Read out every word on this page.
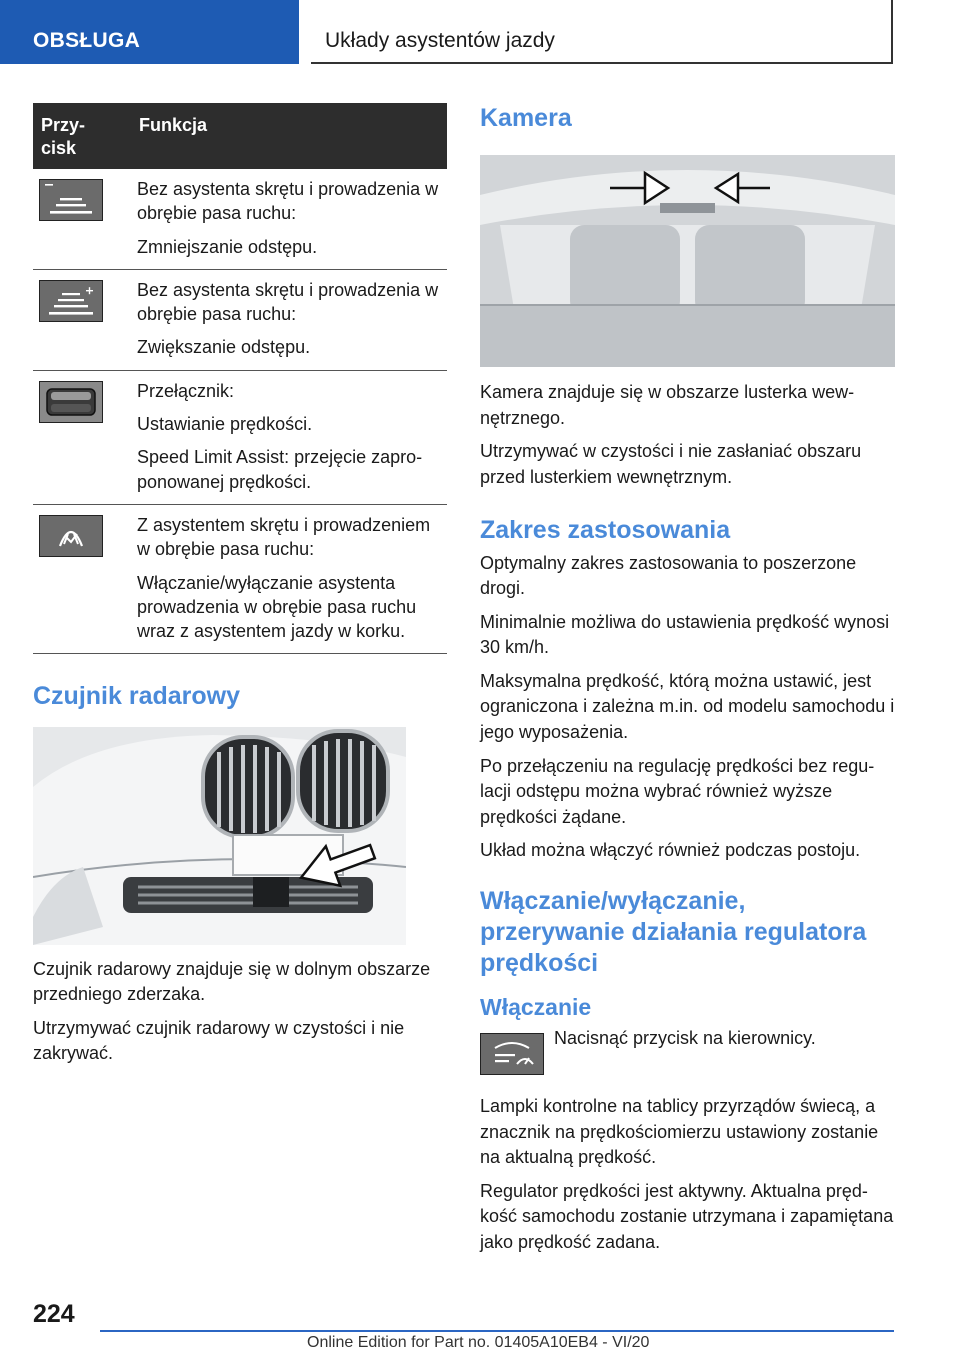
OBSŁUGA	Układy asystentów jazdy
Przy-
cisk	Funkcja

Bez asystenta skrętu i prowadzenia w obrębie pasa ruchu:

Zmniejszanie odstępu.

Bez asystenta skrętu i prowadzenia w obrębie pasa ruchu:

Zwiększanie odstępu.

Przełącznik:

Ustawianie prędkości.

Speed Limit Assist: przejęcie zaproponowanej prędkości.

Z asystentem skrętu i prowadzeniem w obrębie pasa ruchu:

Włączanie/wyłączanie asystenta prowadzenia w obrębie pasa ruchu wraz z asystentem jazdy w korku.

Czujnik radarowy

Czujnik radarowy znajduje się w dolnym obszarze przedniego zderzaka.

Utrzymywać czujnik radarowy w czystości i nie zakrywać.

Kamera

Kamera znajduje się w obszarze lusterka wewnętrznego.

Utrzymywać w czystości i nie zasłaniać obszaru przed lusterkiem wewnętrznym.

Zakres zastosowania

Optymalny zakres zastosowania to poszerzone drogi.

Minimalnie możliwa do ustawienia prędkość wynosi 30 km/h.

Maksymalna prędkość, którą można ustawić, jest ograniczona i zależna m.in. od modelu samochodu i jego wyposażenia.

Po przełączeniu na regulację prędkości bez regulacji odstępu można wybrać również wyższe prędkości żądane.

Układ można włączyć również podczas postoju.

Włączanie/wyłączanie, przerywanie działania regulatora prędkości
Włączanie

Nacisnąć przycisk na kierownicy.

Lampki kontrolne na tablicy przyrządów świecą, a znacznik na prędkościomierzu ustawiony zostanie na aktualną prędkość.

Regulator prędkości jest aktywny. Aktualna prędkość samochodu zostanie utrzymana i zapamiętana jako prędkość zadana.

224
Online Edition for Part no. 01405A10EB4 - VI/20
